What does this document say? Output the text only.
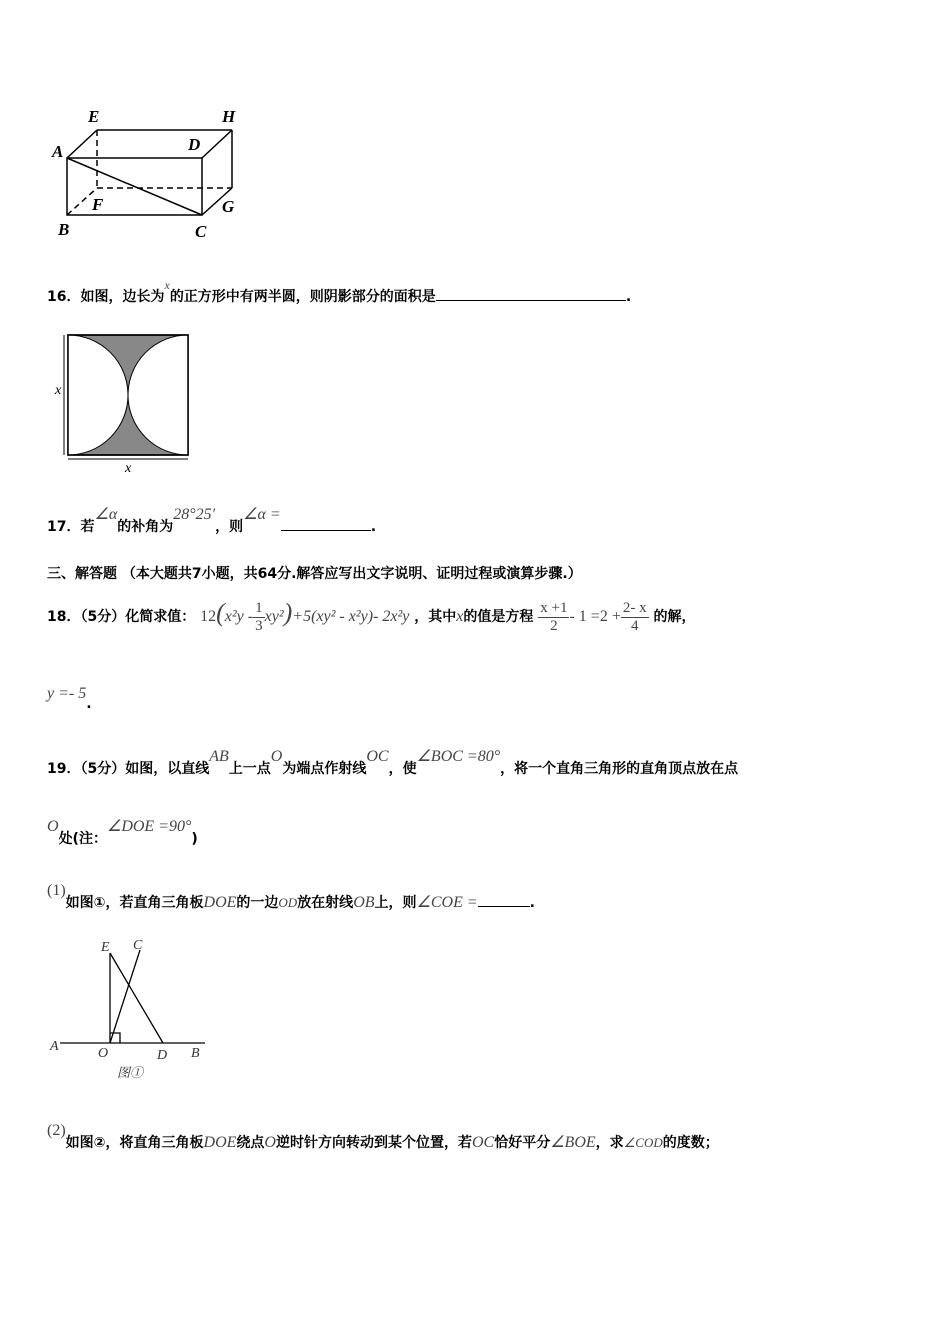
E	H
A	D
F	G
B	C
16．如图，边长为x的正方形中有两半圆，则阴影部分的面积是	.
x
x
17．若∠α的补角为28°25′，则∠α =.
三、解答题 （本大题共7小题，共64分.解答应写出文字说明、证明过程或演算步骤.）
18．（5分）化简求值： $12(x^2y - \frac{1}{3} xy^2)+5(xy^2 - x^2y)-$ 2x²y ，其中x的值是方程 $\frac{x +1}{2} - 1 =2 + \frac{2- x}{4}$ 的解，
y =- 5.
19．（5分）如图，以直线AB上一点O为端点作射线OC，使∠BOC =80°，将一个直角三角形的直角顶点放在点
O处(注：∠DOE =90°)
(1)如图①，若直角三角板DOE的一边OD放在射线OB上，则∠COE =	.
E C
A	O	D B
图①
(2)如图②，将直角三角板DOE绕点O逆时针方向转动到某个位置，若OC恰好平分∠BOE，求∠COD的度数；
